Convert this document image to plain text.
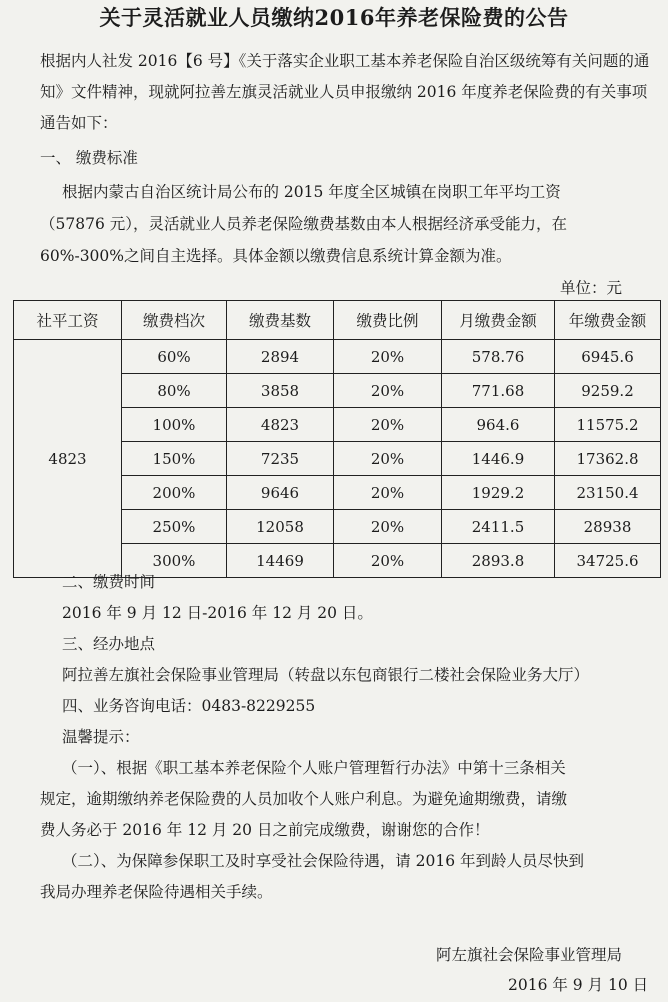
关于灵活就业人员缴纳2016年养老保险费的公告

根据内人社发 2016【6 号】《关于落实企业职工基本养老保险自治区级统筹有关问题的通知》文件精神，现就阿拉善左旗灵活就业人员申报缴纳 2016 年度养老保险费的有关事项通告如下：

一、 缴费标准

根据内蒙古自治区统计局公布的 2015 年度全区城镇在岗职工年平均工资

（57876 元），灵活就业人员养老保险缴费基数由本人根据经济承受能力，在

60%-300%之间自主选择。具体金额以缴费信息系统计算金额为准。

单位：元

社平工资	缴费档次	缴费基数	缴费比例	月缴费金额	年缴费金额
4823	60%	2894	20%	578.76	6945.6
	80%	3858	20%	771.68	9259.2
	100%	4823	20%	964.6	11575.2
	150%	7235	20%	1446.9	17362.8
	200%	9646	20%	1929.2	23150.4
	250%	12058	20%	2411.5	28938
	300%	14469	20%	2893.8	34725.6

二、缴费时间

2016 年 9 月 12 日-2016 年 12 月 20 日。

三、经办地点

阿拉善左旗社会保险事业管理局（转盘以东包商银行二楼社会保险业务大厅）

四、业务咨询电话：0483-8229255

温馨提示：

（一）、根据《职工基本养老保险个人账户管理暂行办法》中第十三条相关

规定，逾期缴纳养老保险费的人员加收个人账户利息。为避免逾期缴费，请缴

费人务必于 2016 年 12 月 20 日之前完成缴费，谢谢您的合作！

（二）、为保障参保职工及时享受社会保险待遇，请 2016 年到龄人员尽快到

我局办理养老保险待遇相关手续。

阿左旗社会保险事业管理局

2016 年 9 月 10 日
